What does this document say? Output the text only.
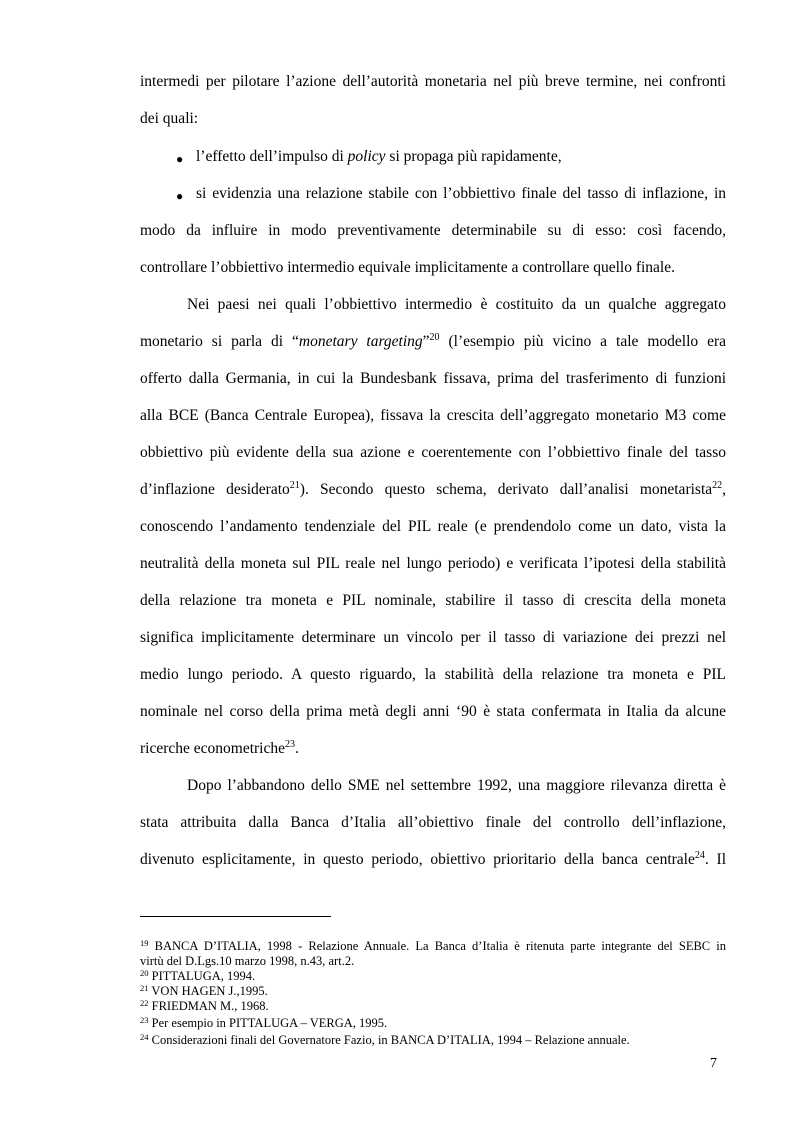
intermedi per pilotare l’azione dell’autorità monetaria nel più breve termine, nei confronti
dei quali:
● l’effetto dell’impulso di policy si propaga più rapidamente,
● si evidenzia una relazione stabile con l’obbiettivo finale del tasso di inflazione, in
modo da influire in modo preventivamente determinabile su di esso: così facendo,
controllare l’obbiettivo intermedio equivale implicitamente a controllare quello finale.
Nei paesi nei quali l’obbiettivo intermedio è costituito da un qualche aggregato
monetario si parla di “monetary targeting”$^{20}$ (l’esempio più vicino a tale modello era
offerto dalla Germania, in cui la Bundesbank fissava, prima del trasferimento di funzioni
alla BCE (Banca Centrale Europea), fissava la crescita dell’aggregato monetario M3 come
obbiettivo più evidente della sua azione e coerentemente con l’obbiettivo finale del tasso
d’inflazione desiderato$^{21}$). Secondo questo schema, derivato dall’analisi monetarista$^{22}$,
conoscendo l’andamento tendenziale del PIL reale (e prendendolo come un dato, vista la
neutralità della moneta sul PIL reale nel lungo periodo) e verificata l’ipotesi della stabilità
della relazione tra moneta e PIL nominale, stabilire il tasso di crescita della moneta
significa implicitamente determinare un vincolo per il tasso di variazione dei prezzi nel
medio lungo periodo. A questo riguardo, la stabilità della relazione tra moneta e PIL
nominale nel corso della prima metà degli anni ‘90 è stata confermata in Italia da alcune
ricerche econometriche$^{23}$.
Dopo l’abbandono dello SME nel settembre 1992, una maggiore rilevanza diretta è
stata attribuita dalla Banca d’Italia all’obiettivo finale del controllo dell’inflazione,
divenuto esplicitamente, in questo periodo, obiettivo prioritario della banca centrale$^{24}$. Il
$^{19}$ BANCA D’ITALIA, 1998 - Relazione Annuale. La Banca d’Italia è ritenuta parte integrante del SEBC in
virtù del D.Lgs.10 marzo 1998, n.43, art.2.
$^{20}$ PITTALUGA, 1994.
$^{21}$ VON HAGEN J.,1995.
$^{22}$ FRIEDMAN M., 1968.
$^{23}$ Per esempio in PITTALUGA – VERGA, 1995.
$^{24}$ Considerazioni finali del Governatore Fazio, in BANCA D’ITALIA, 1994 – Relazione annuale.
7
